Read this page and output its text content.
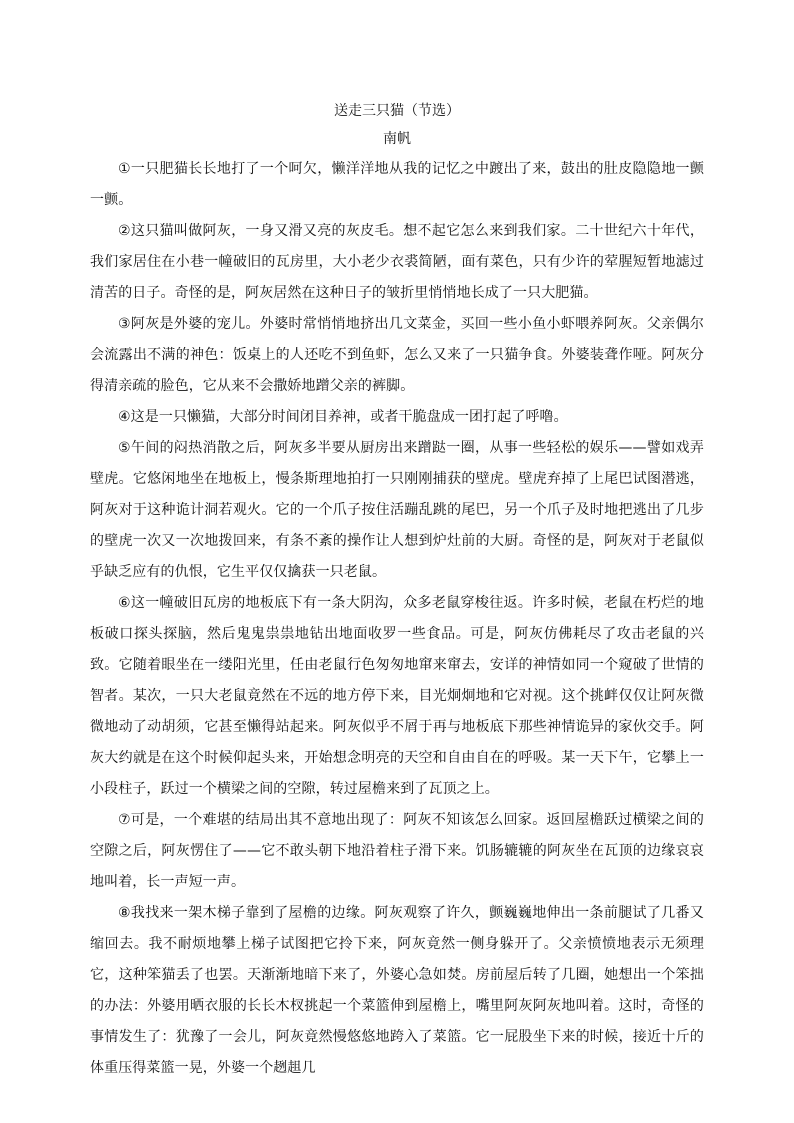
送走三只猫（节选）
南帆

①一只肥猫长长地打了一个呵欠，懒洋洋地从我的记忆之中踱出了来，鼓出的肚皮隐隐地一颤一颤。

②这只猫叫做阿灰，一身又滑又亮的灰皮毛。想不起它怎么来到我们家。二十世纪六十年代，我们家居住在小巷一幢破旧的瓦房里，大小老少衣裘简陋，面有菜色，只有少许的荤腥短暂地滤过清苦的日子。奇怪的是，阿灰居然在这种日子的皱折里悄悄地长成了一只大肥猫。

③阿灰是外婆的宠儿。外婆时常悄悄地挤出几文菜金，买回一些小鱼小虾喂养阿灰。父亲偶尔会流露出不满的神色：饭桌上的人还吃不到鱼虾，怎么又来了一只猫争食。外婆装聋作哑。阿灰分得清亲疏的脸色，它从来不会撒娇地蹭父亲的裤脚。

④这是一只懒猫，大部分时间闭目养神，或者干脆盘成一团打起了呼噜。

⑤午间的闷热消散之后，阿灰多半要从厨房出来蹭跶一圈，从事一些轻松的娱乐——譬如戏弄壁虎。它悠闲地坐在地板上，慢条斯理地拍打一只刚刚捕获的壁虎。壁虎弃掉了上尾巴试图潜逃，阿灰对于这种诡计洞若观火。它的一个爪子按住活蹦乱跳的尾巴，另一个爪子及时地把逃出了几步的壁虎一次又一次地拨回来，有条不紊的操作让人想到炉灶前的大厨。奇怪的是，阿灰对于老鼠似乎缺乏应有的仇恨，它生平仅仅擒获一只老鼠。

⑥这一幢破旧瓦房的地板底下有一条大阴沟，众多老鼠穿梭往返。许多时候，老鼠在朽烂的地板破口探头探脑，然后鬼鬼祟祟地钻出地面收罗一些食品。可是，阿灰仿佛耗尽了攻击老鼠的兴致。它随着眼坐在一缕阳光里，任由老鼠行色匆匆地窜来窜去，安详的神情如同一个窥破了世情的智者。某次，一只大老鼠竟然在不远的地方停下来，目光炯炯地和它对视。这个挑衅仅仅让阿灰微微地动了动胡须，它甚至懒得站起来。阿灰似乎不屑于再与地板底下那些神情诡异的家伙交手。阿灰大约就是在这个时候仰起头来，开始想念明亮的天空和自由自在的呼吸。某一天下午，它攀上一小段柱子，跃过一个横梁之间的空隙，转过屋檐来到了瓦顶之上。

⑦可是，一个难堪的结局出其不意地出现了：阿灰不知该怎么回家。返回屋檐跃过横梁之间的空隙之后，阿灰愣住了——它不敢头朝下地沿着柱子滑下来。饥肠辘辘的阿灰坐在瓦顶的边缘哀哀地叫着，长一声短一声。

⑧我找来一架木梯子靠到了屋檐的边缘。阿灰观察了许久，颤巍巍地伸出一条前腿试了几番又缩回去。我不耐烦地攀上梯子试图把它拎下来，阿灰竟然一侧身躲开了。父亲愤愤地表示无须理它，这种笨猫丢了也罢。天渐渐地暗下来了，外婆心急如焚。房前屋后转了几圈，她想出一个笨拙的办法：外婆用晒衣服的长长木杈挑起一个菜篮伸到屋檐上，嘴里阿灰阿灰地叫着。这时，奇怪的事情发生了：犹豫了一会儿，阿灰竟然慢悠悠地跨入了菜篮。它一屁股坐下来的时候，接近十斤的体重压得菜篮一晃，外婆一个趔趄几
